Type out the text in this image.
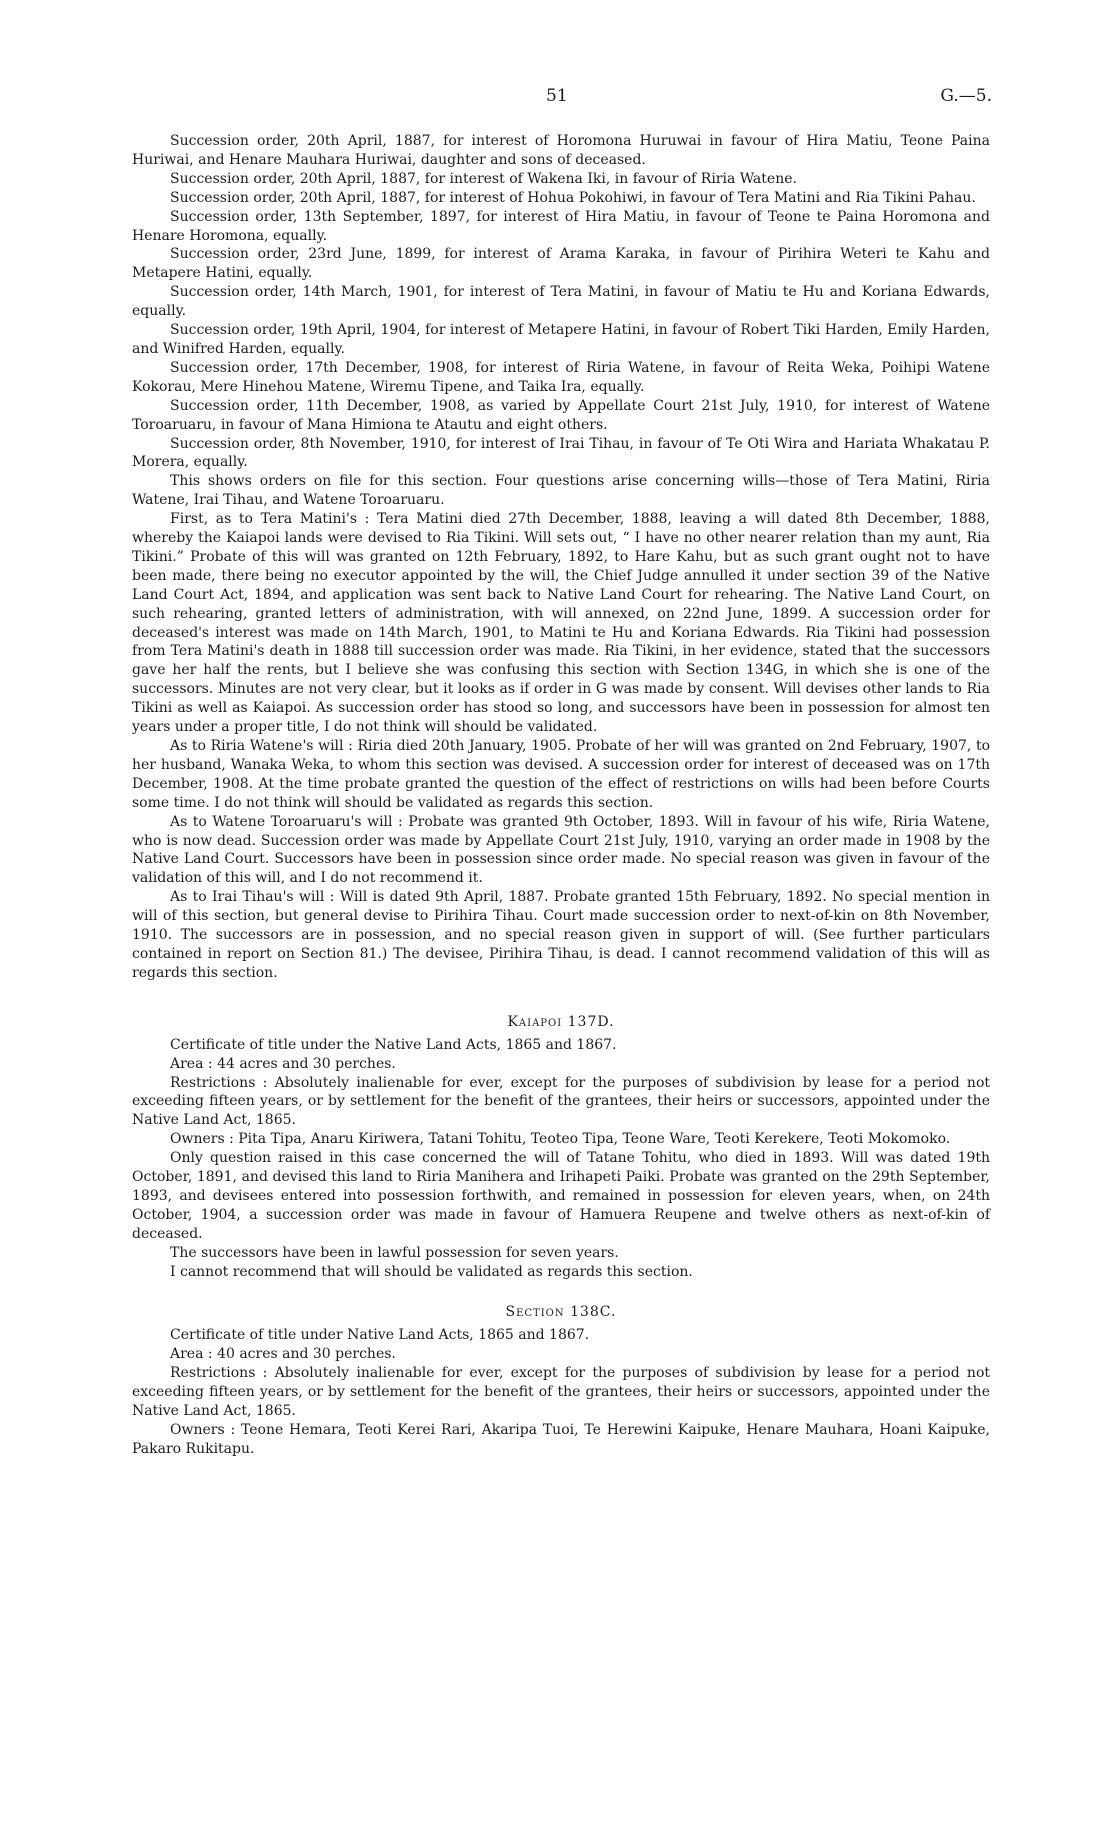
51	G.—5.

Succession order, 20th April, 1887, for interest of Horomona Huruwai in favour of Hira Matiu, Teone Paina Huriwai, and Henare Mauhara Huriwai, daughter and sons of deceased.

Succession order, 20th April, 1887, for interest of Wakena Iki, in favour of Riria Watene.

Succession order, 20th April, 1887, for interest of Hohua Pokohiwi, in favour of Tera Matini and Ria Tikini Pahau.

Succession order, 13th September, 1897, for interest of Hira Matiu, in favour of Teone te Paina Horomona and Henare Horomona, equally.

Succession order, 23rd June, 1899, for interest of Arama Karaka, in favour of Pirihira Weteri te Kahu and Metapere Hatini, equally.

Succession order, 14th March, 1901, for interest of Tera Matini, in favour of Matiu te Hu and Koriana Edwards, equally.

Succession order, 19th April, 1904, for interest of Metapere Hatini, in favour of Robert Tiki Harden, Emily Harden, and Winifred Harden, equally.

Succession order, 17th December, 1908, for interest of Riria Watene, in favour of Reita Weka, Poihipi Watene Kokorau, Mere Hinehou Matene, Wiremu Tipene, and Taika Ira, equally.

Succession order, 11th December, 1908, as varied by Appellate Court 21st July, 1910, for interest of Watene Toroaruaru, in favour of Mana Himiona te Atautu and eight others.

Succession order, 8th November, 1910, for interest of Irai Tihau, in favour of Te Oti Wira and Hariata Whakatau P. Morera, equally.

This shows orders on file for this section. Four questions arise concerning wills—those of Tera Matini, Riria Watene, Irai Tihau, and Watene Toroaruaru.

First, as to Tera Matini's : Tera Matini died 27th December, 1888, leaving a will dated 8th December, 1888, whereby the Kaiapoi lands were devised to Ria Tikini. Will sets out, “ I have no other nearer relation than my aunt, Ria Tikini.” Probate of this will was granted on 12th February, 1892, to Hare Kahu, but as such grant ought not to have been made, there being no executor appointed by the will, the Chief Judge annulled it under section 39 of the Native Land Court Act, 1894, and application was sent back to Native Land Court for rehearing. The Native Land Court, on such rehearing, granted letters of administration, with will annexed, on 22nd June, 1899. A succession order for deceased's interest was made on 14th March, 1901, to Matini te Hu and Koriana Edwards. Ria Tikini had possession from Tera Matini's death in 1888 till succession order was made. Ria Tikini, in her evidence, stated that the successors gave her half the rents, but I believe she was confusing this section with Section 134G, in which she is one of the successors. Minutes are not very clear, but it looks as if order in G was made by consent. Will devises other lands to Ria Tikini as well as Kaiapoi. As succession order has stood so long, and successors have been in possession for almost ten years under a proper title, I do not think will should be validated.

As to Riria Watene's will : Riria died 20th January, 1905. Probate of her will was granted on 2nd February, 1907, to her husband, Wanaka Weka, to whom this section was devised. A succession order for interest of deceased was on 17th December, 1908. At the time probate granted the question of the effect of restrictions on wills had been before Courts some time. I do not think will should be validated as regards this section.

As to Watene Toroaruaru's will : Probate was granted 9th October, 1893. Will in favour of his wife, Riria Watene, who is now dead. Succession order was made by Appellate Court 21st July, 1910, varying an order made in 1908 by the Native Land Court. Successors have been in possession since order made. No special reason was given in favour of the validation of this will, and I do not recommend it.

As to Irai Tihau's will : Will is dated 9th April, 1887. Probate granted 15th February, 1892. No special mention in will of this section, but general devise to Pirihira Tihau. Court made succession order to next-of-kin on 8th November, 1910. The successors are in possession, and no special reason given in support of will. (See further particulars contained in report on Section 81.) The devisee, Pirihira Tihau, is dead. I cannot recommend validation of this will as regards this section.

Kaiapoi 137D.

Certificate of title under the Native Land Acts, 1865 and 1867.

Area : 44 acres and 30 perches.

Restrictions : Absolutely inalienable for ever, except for the purposes of subdivision by lease for a period not exceeding fifteen years, or by settlement for the benefit of the grantees, their heirs or successors, appointed under the Native Land Act, 1865.

Owners : Pita Tipa, Anaru Kiriwera, Tatani Tohitu, Teoteo Tipa, Teone Ware, Teoti Kerekere, Teoti Mokomoko.

Only question raised in this case concerned the will of Tatane Tohitu, who died in 1893. Will was dated 19th October, 1891, and devised this land to Riria Manihera and Irihapeti Paiki. Probate was granted on the 29th September, 1893, and devisees entered into possession forthwith, and remained in possession for eleven years, when, on 24th October, 1904, a succession order was made in favour of Hamuera Reupene and twelve others as next-of-kin of deceased.

The successors have been in lawful possession for seven years.

I cannot recommend that will should be validated as regards this section.

Section 138C.

Certificate of title under Native Land Acts, 1865 and 1867.

Area : 40 acres and 30 perches.

Restrictions : Absolutely inalienable for ever, except for the purposes of subdivision by lease for a period not exceeding fifteen years, or by settlement for the benefit of the grantees, their heirs or successors, appointed under the Native Land Act, 1865.

Owners : Teone Hemara, Teoti Kerei Rari, Akaripa Tuoi, Te Herewini Kaipuke, Henare Mauhara, Hoani Kaipuke, Pakaro Rukitapu.
